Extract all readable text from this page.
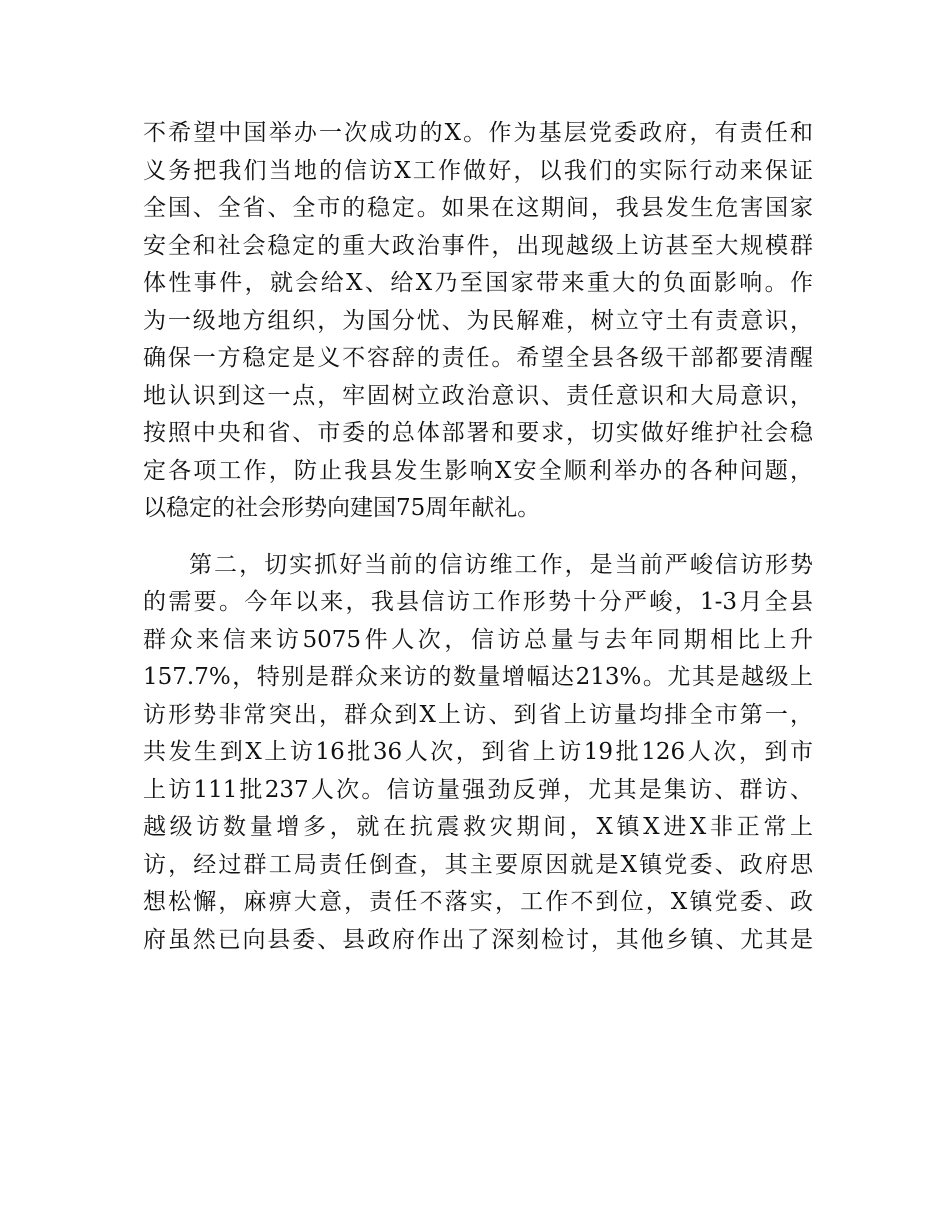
不希望中国举办一次成功的X。作为基层党委政府，有责任和
义务把我们当地的信访X工作做好，以我们的实际行动来保证
全国、全省、全市的稳定。如果在这期间，我县发生危害国家
安全和社会稳定的重大政治事件，出现越级上访甚至大规模群
体性事件，就会给X、给X乃至国家带来重大的负面影响。作
为一级地方组织，为国分忧、为民解难，树立守土有责意识，
确保一方稳定是义不容辞的责任。希望全县各级干部都要清醒
地认识到这一点，牢固树立政治意识、责任意识和大局意识，
按照中央和省、市委的总体部署和要求，切实做好维护社会稳
定各项工作，防止我县发生影响X安全顺利举办的各种问题，
以稳定的社会形势向建国75周年献礼。
第二，切实抓好当前的信访维工作，是当前严峻信访形势
的需要。今年以来，我县信访工作形势十分严峻，1-3月全县
群众来信来访5075件人次，信访总量与去年同期相比上升
157.7%，特别是群众来访的数量增幅达213%。尤其是越级上
访形势非常突出，群众到X上访、到省上访量均排全市第一，
共发生到X上访16批36人次，到省上访19批126人次，到市
上访111批237人次。信访量强劲反弹，尤其是集访、群访、
越级访数量增多，就在抗震救灾期间，X镇X进X非正常上
访，经过群工局责任倒查，其主要原因就是X镇党委、政府思
想松懈，麻痹大意，责任不落实，工作不到位，X镇党委、政
府虽然已向县委、县政府作出了深刻检讨，其他乡镇、尤其是
